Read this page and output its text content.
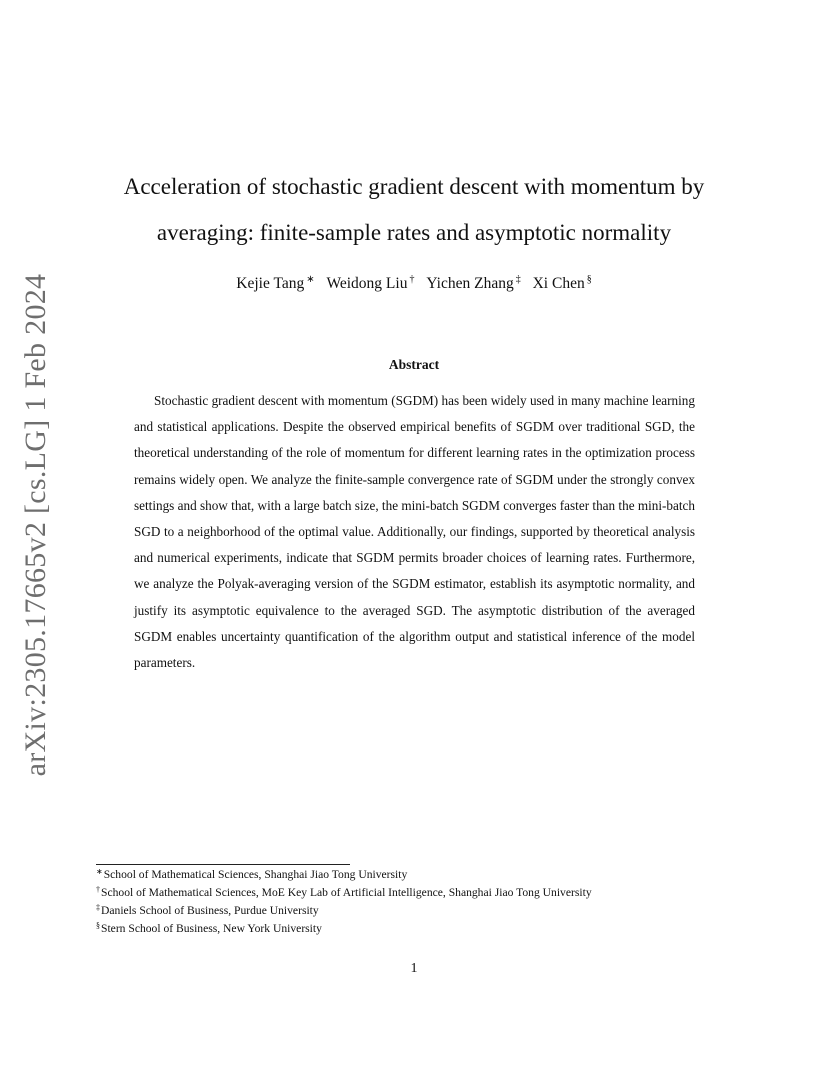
arXiv:2305.17665v2 [cs.LG] 1 Feb 2024
Acceleration of stochastic gradient descent with momentum by averaging: finite-sample rates and asymptotic normality
Kejie Tang ∗ Weidong Liu † Yichen Zhang ‡ Xi Chen §
Abstract

Stochastic gradient descent with momentum (SGDM) has been widely used in many machine learning and statistical applications. Despite the observed empirical benefits of SGDM over traditional SGD, the theoretical understanding of the role of momentum for different learning rates in the optimization process remains widely open. We analyze the finite-sample convergence rate of SGDM under the strongly convex settings and show that, with a large batch size, the mini-batch SGDM converges faster than the mini-batch SGD to a neighborhood of the optimal value. Additionally, our findings, supported by theoretical analysis and numerical experiments, indicate that SGDM permits broader choices of learning rates. Furthermore, we analyze the Polyak-averaging version of the SGDM estimator, establish its asymptotic normality, and justify its asymptotic equivalence to the averaged SGD. The asymptotic distribution of the averaged SGDM enables uncertainty quantification of the algorithm output and statistical inference of the model parameters.

∗School of Mathematical Sciences, Shanghai Jiao Tong University
†School of Mathematical Sciences, MoE Key Lab of Artificial Intelligence, Shanghai Jiao Tong University
‡Daniels School of Business, Purdue University
§Stern School of Business, New York University
1
